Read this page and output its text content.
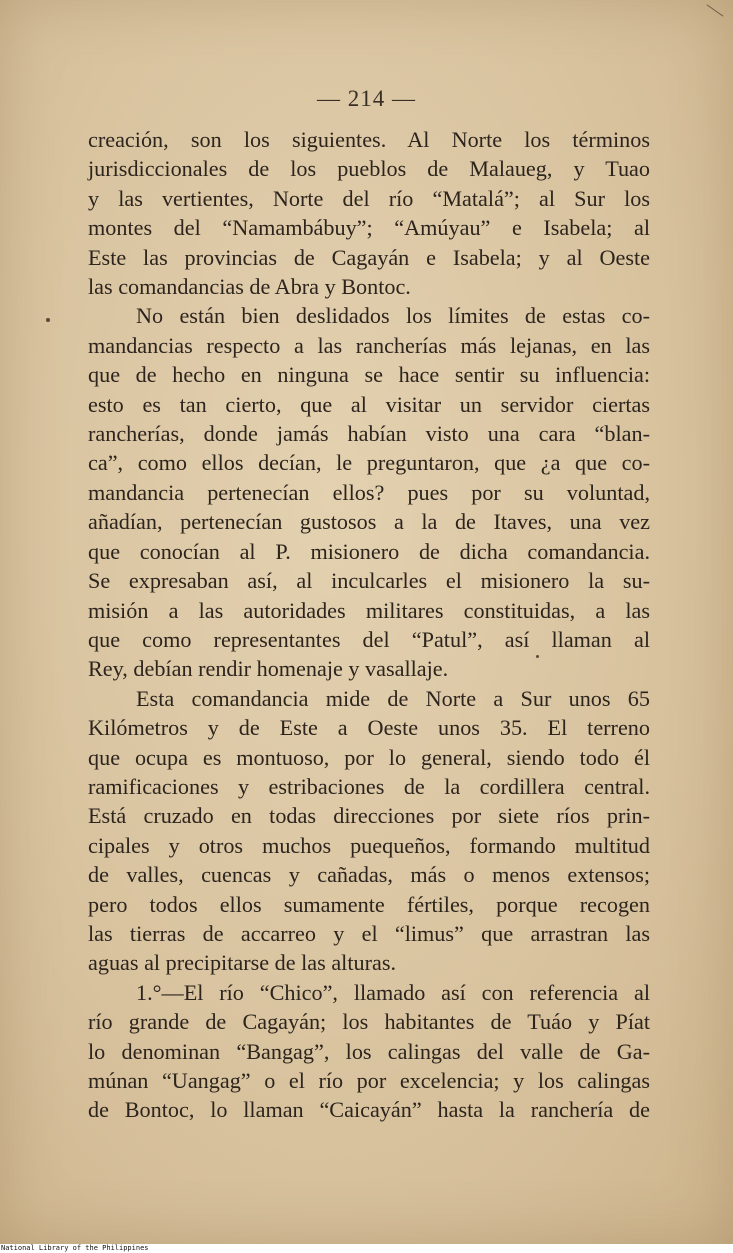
— 214 —

creación, son los siguientes. Al Norte los términos
jurisdiccionales de los pueblos de Malaueg, y Tuao
y las vertientes, Norte del río “Matalá”; al Sur los
montes del “Namambábuy”; “Amúyau” e Isabela; al
Este las provincias de Cagayán e Isabela; y al Oeste
las comandancias de Abra y Bontoc.
No están bien deslidados los límites de estas co-
mandancias respecto a las rancherías más lejanas, en las
que de hecho en ninguna se hace sentir su influencia:
esto es tan cierto, que al visitar un servidor ciertas
rancherías, donde jamás habían visto una cara “blan-
ca”, como ellos decían, le preguntaron, que ¿a que co-
mandancia pertenecían ellos? pues por su voluntad,
añadían, pertenecían gustosos a la de Itaves, una vez
que conocían al P. misionero de dicha comandancia.
Se expresaban así, al inculcarles el misionero la su-
misión a las autoridades militares constituidas, a las
que como representantes del “Patul”, así llaman al
Rey, debían rendir homenaje y vasallaje.
Esta comandancia mide de Norte a Sur unos 65
Kilómetros y de Este a Oeste unos 35. El terreno
que ocupa es montuoso, por lo general, siendo todo él
ramificaciones y estribaciones de la cordillera central.
Está cruzado en todas direcciones por siete ríos prin-
cipales y otros muchos puequeños, formando multitud
de valles, cuencas y cañadas, más o menos extensos;
pero todos ellos sumamente fértiles, porque recogen
las tierras de accarreo y el “limus” que arrastran las
aguas al precipitarse de las alturas.
1.°—El río “Chico”, llamado así con referencia al
río grande de Cagayán; los habitantes de Tuáo y Píat
lo denominan “Bangag”, los calingas del valle de Ga-
múnan “Uangag” o el río por excelencia; y los calingas
de Bontoc, lo llaman “Caicayán” hasta la ranchería de

National Library of the Philippines
